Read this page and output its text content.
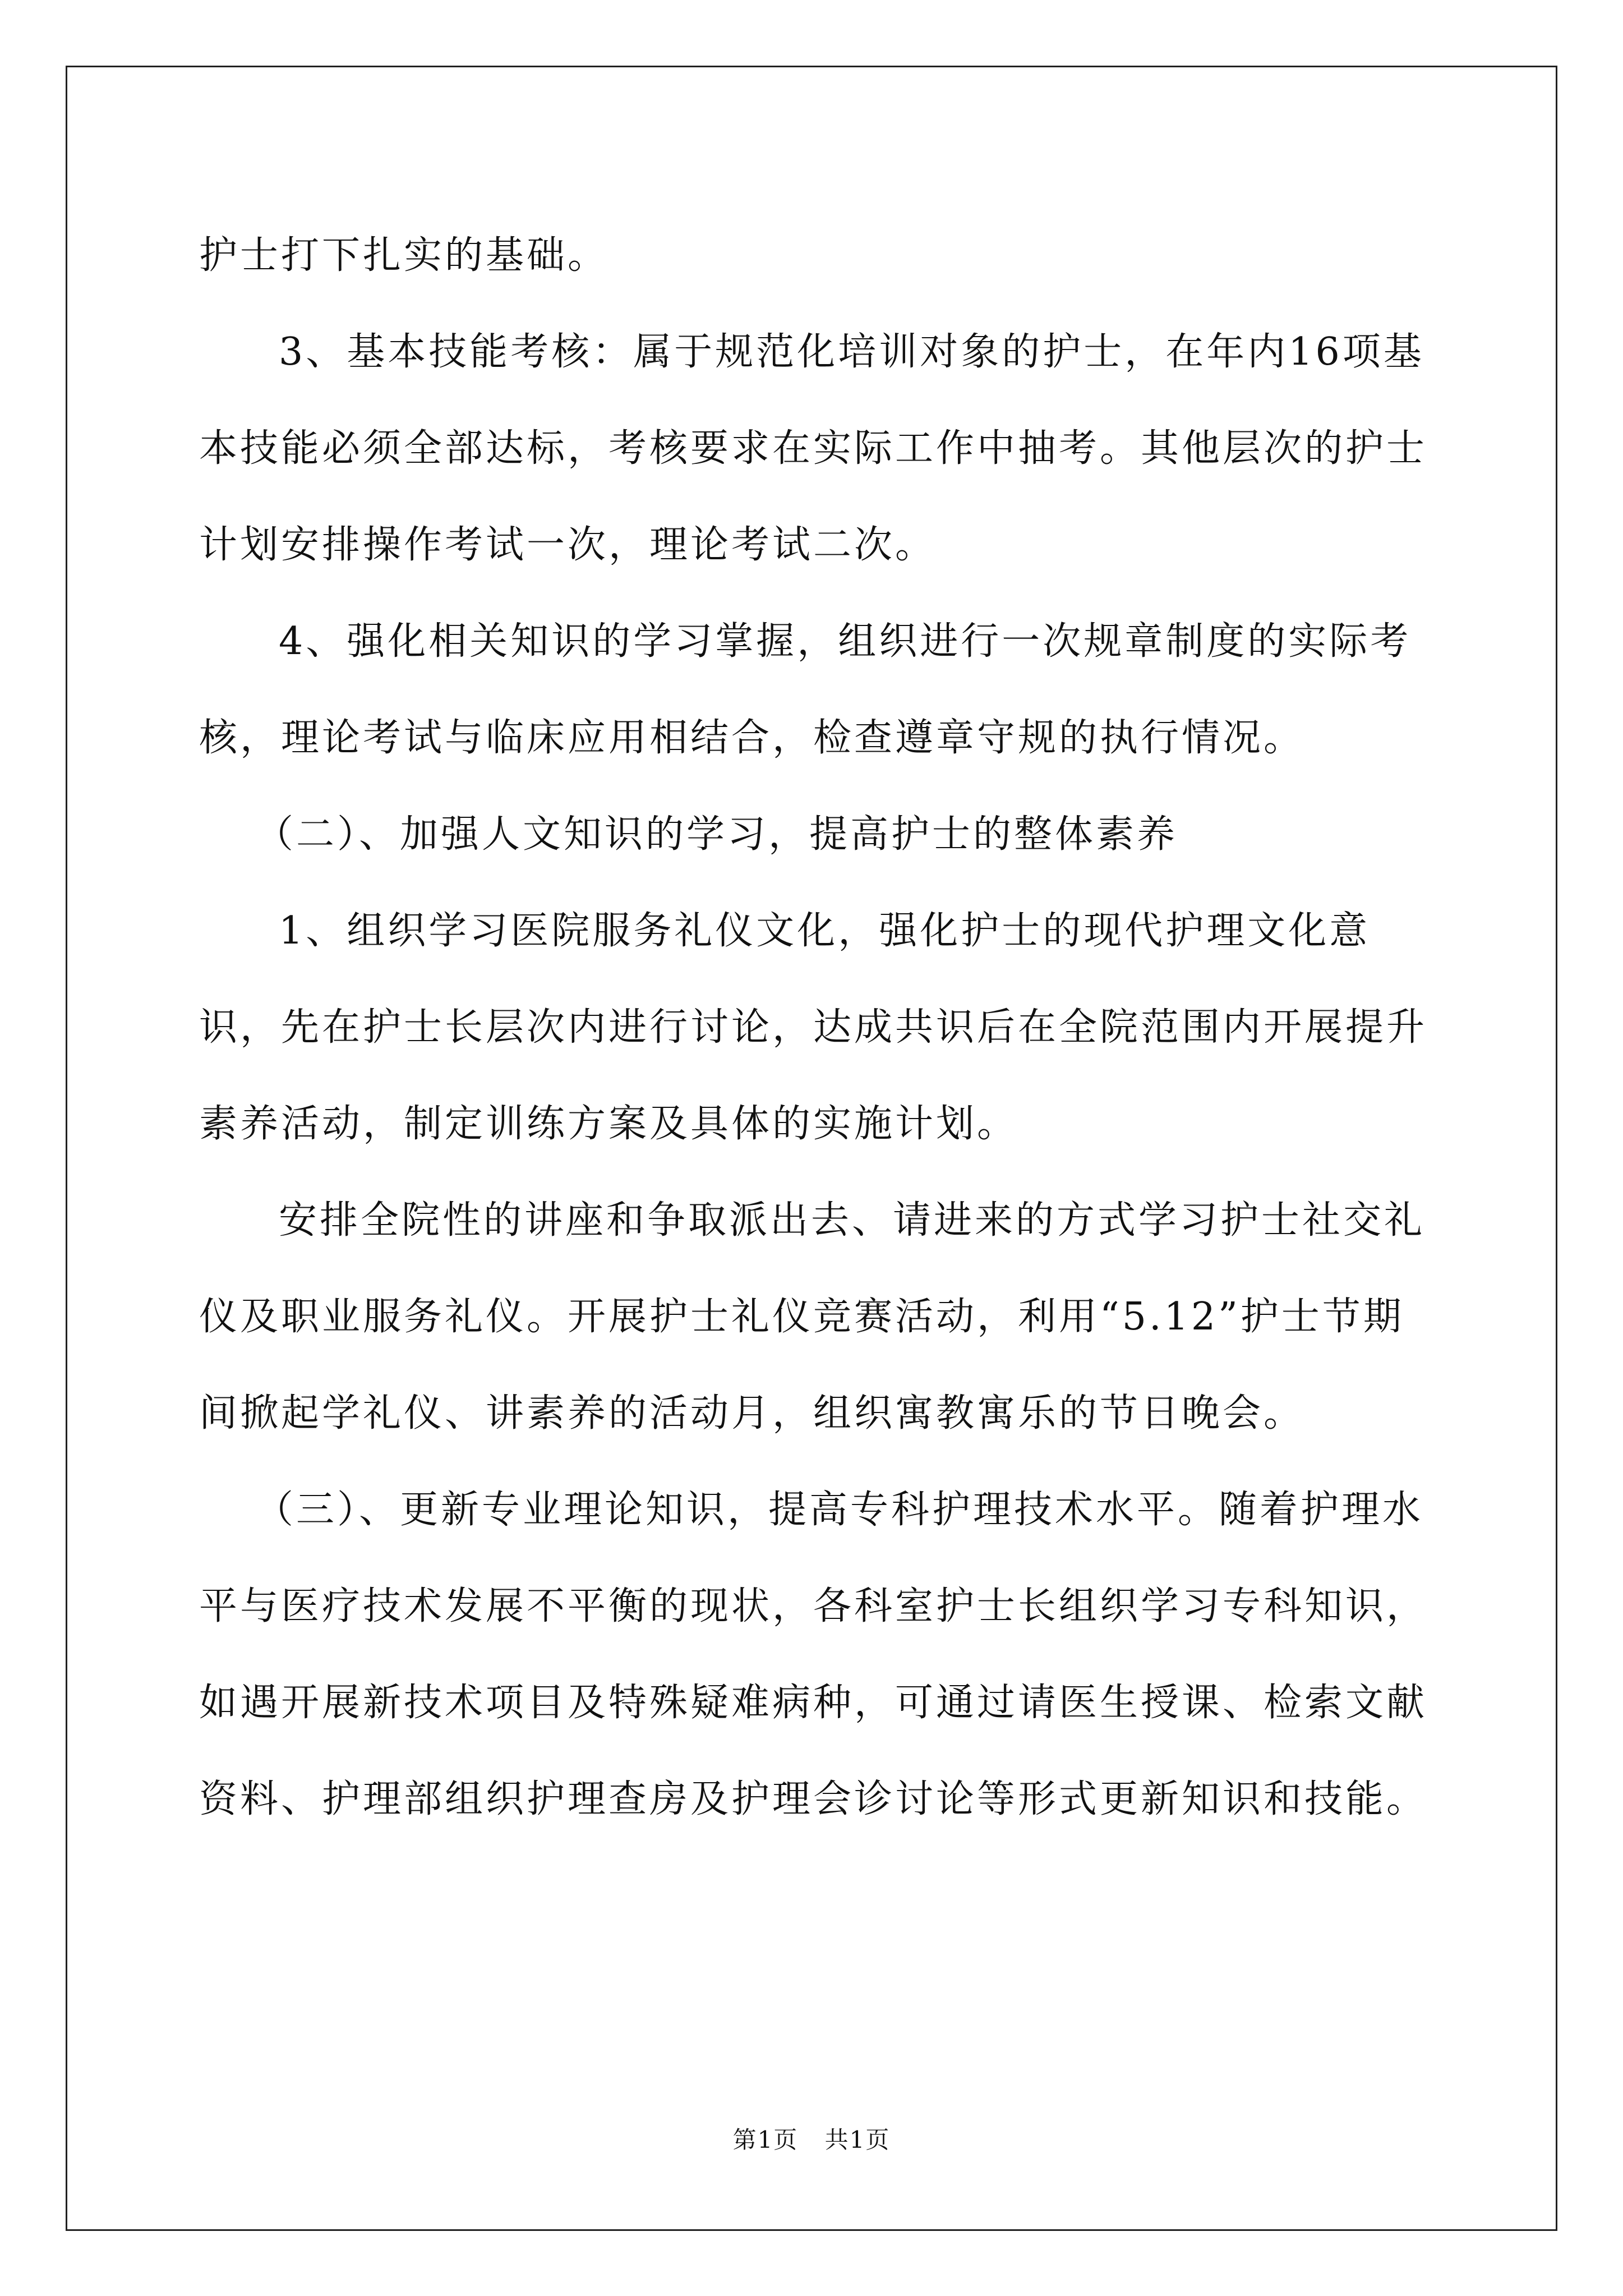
护士打下扎实的基础。

3、基本技能考核：属于规范化培训对象的护士，在年内16项基本技能必须全部达标，考核要求在实际工作中抽考。其他层次的护士计划安排操作考试一次，理论考试二次。

4、强化相关知识的学习掌握，组织进行一次规章制度的实际考核，理论考试与临床应用相结合，检查遵章守规的执行情况。

（二）、加强人文知识的学习，提高护士的整体素养

1、组织学习医院服务礼仪文化，强化护士的现代护理文化意识，先在护士长层次内进行讨论，达成共识后在全院范围内开展提升素养活动，制定训练方案及具体的实施计划。

安排全院性的讲座和争取派出去、请进来的方式学习护士社交礼仪及职业服务礼仪。开展护士礼仪竞赛活动，利用“5.12”护士节期间掀起学礼仪、讲素养的活动月，组织寓教寓乐的节日晚会。

（三）、更新专业理论知识，提高专科护理技术水平。随着护理水平与医疗技术发展不平衡的现状，各科室护士长组织学习专科知识，如遇开展新技术项目及特殊疑难病种，可通过请医生授课、检索文献资料、护理部组织护理查房及护理会诊讨论等形式更新知识和技能。

第1页 共1页
